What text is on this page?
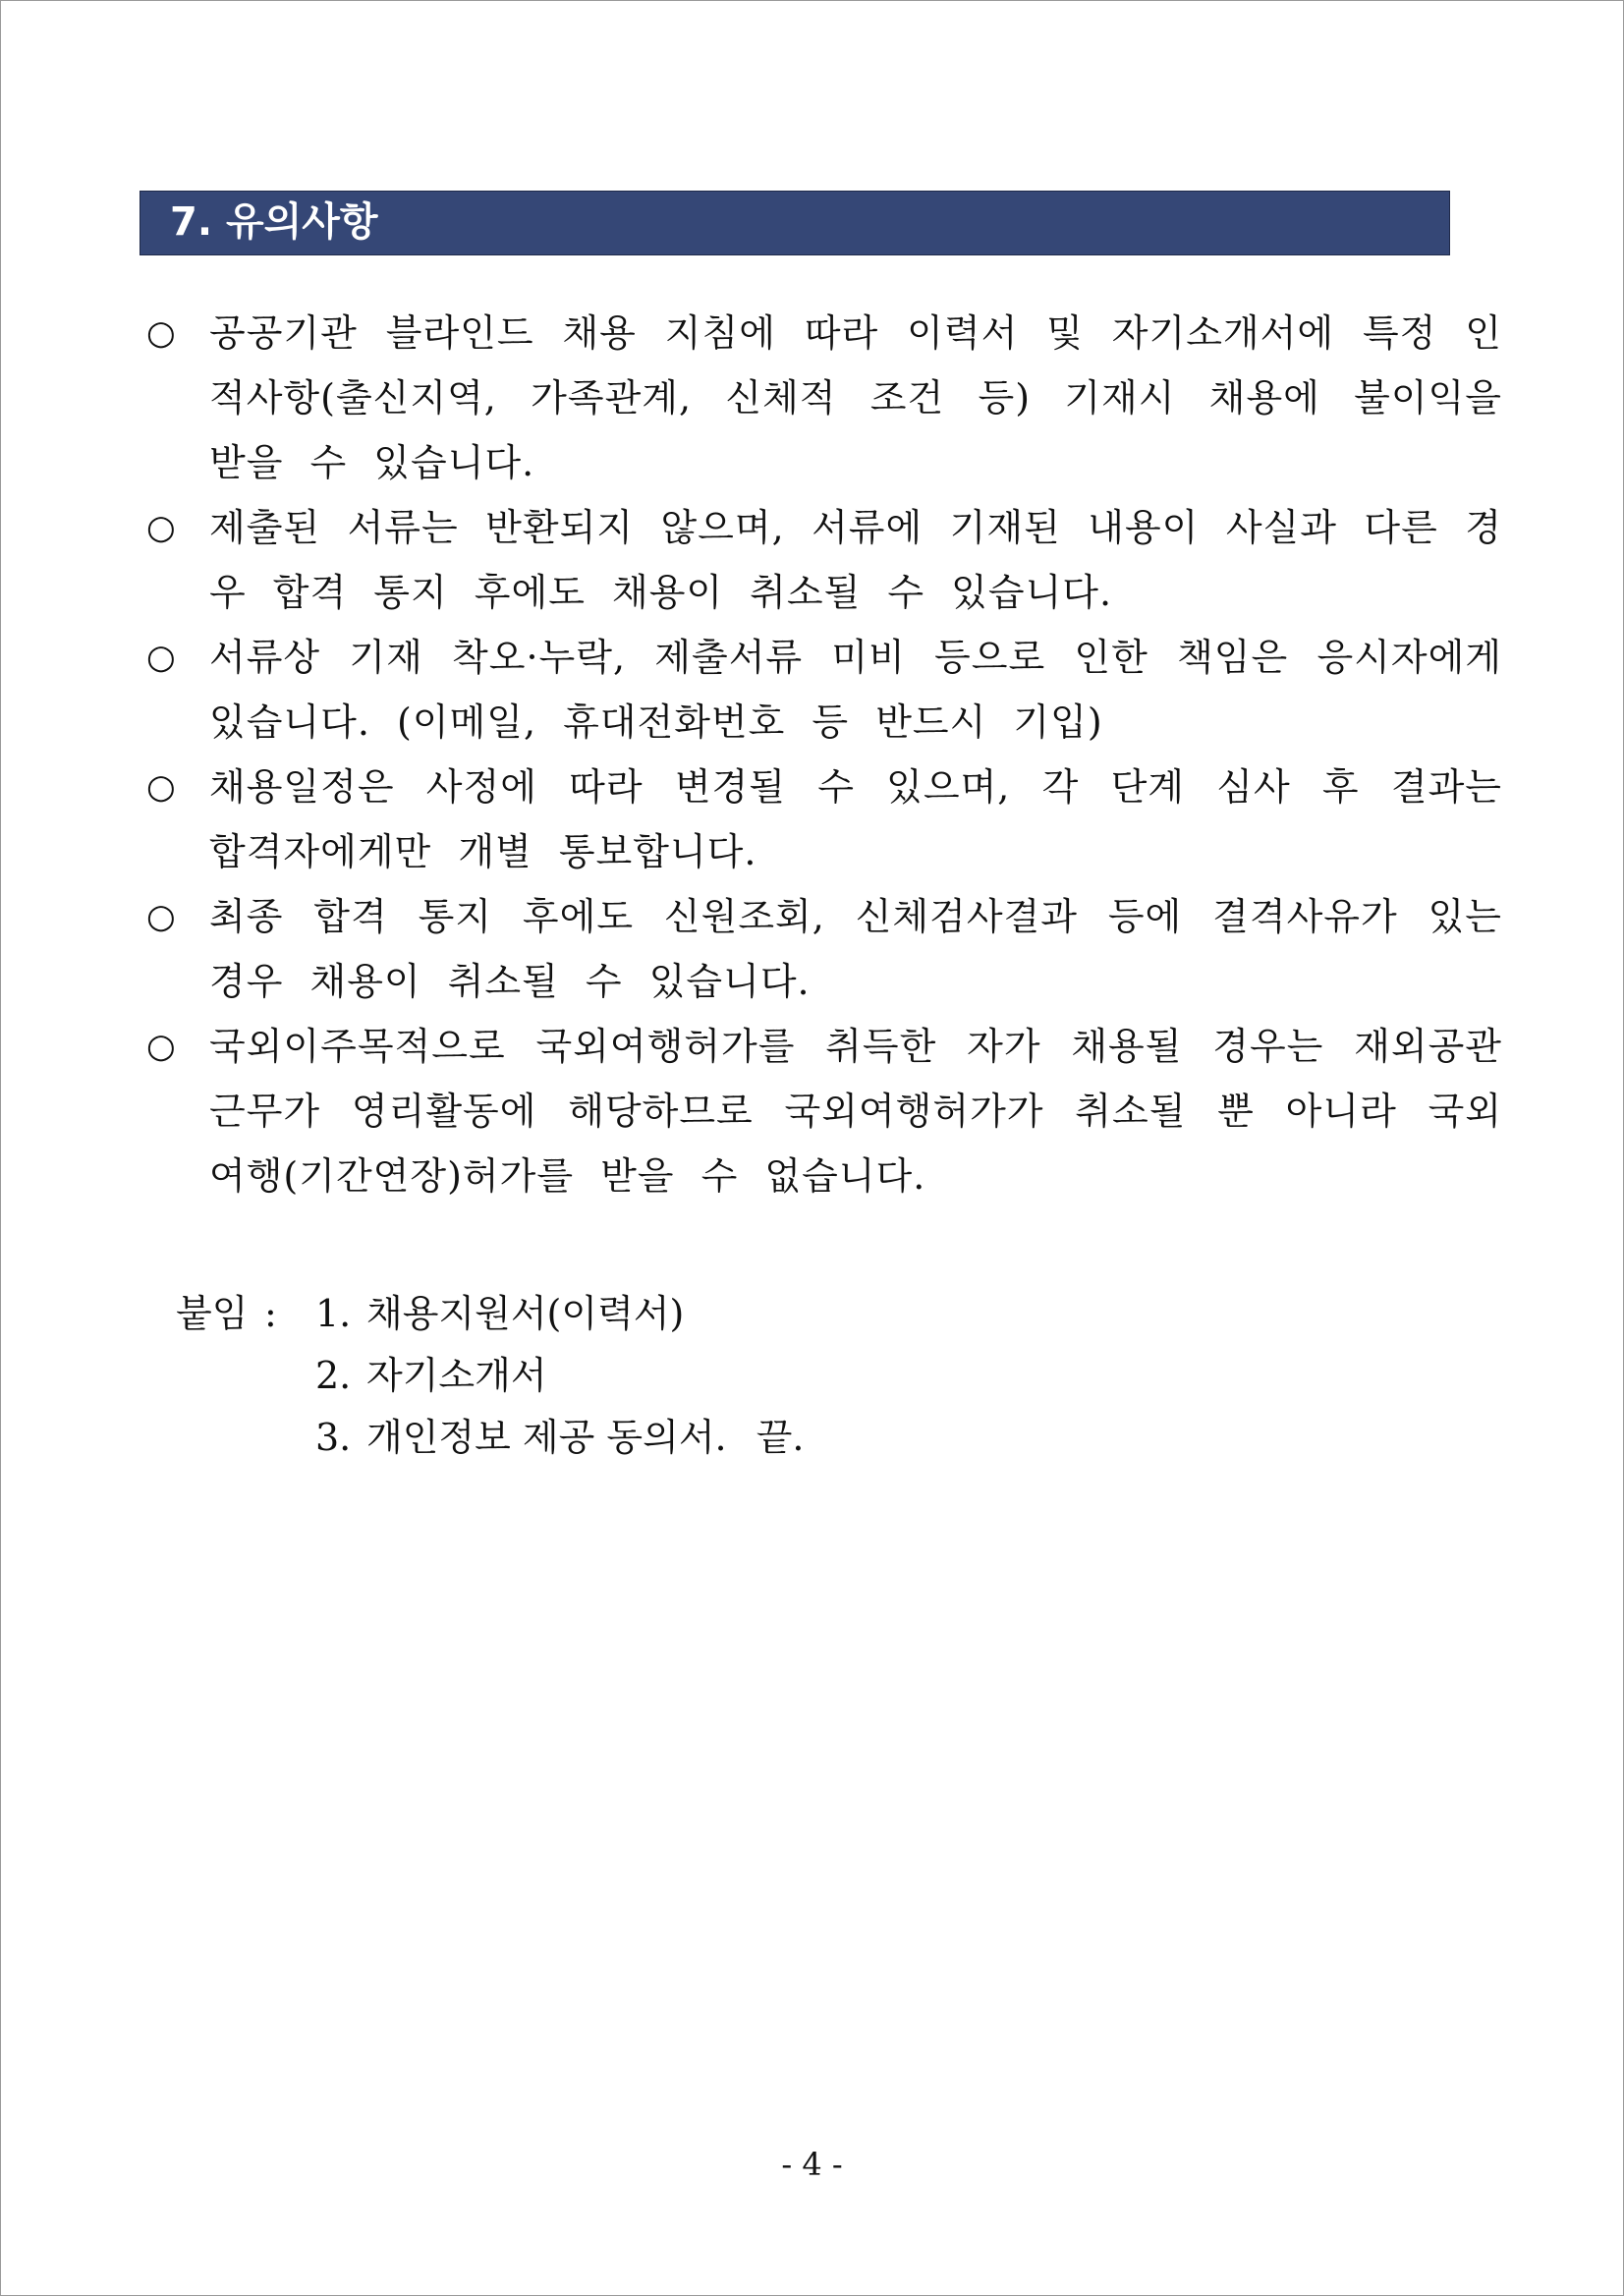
7. 유의사항
○ 공공기관 블라인드 채용 지침에 따라 이력서 및 자기소개서에 특정 인적사항(출신지역, 가족관계, 신체적 조건 등) 기재시 채용에 불이익을 받을 수 있습니다.
○ 제출된 서류는 반환되지 않으며, 서류에 기재된 내용이 사실과 다른 경우 합격 통지 후에도 채용이 취소될 수 있습니다.
○ 서류상 기재 착오·누락, 제출서류 미비 등으로 인한 책임은 응시자에게 있습니다. (이메일, 휴대전화번호 등 반드시 기입)
○ 채용일정은 사정에 따라 변경될 수 있으며, 각 단계 심사 후 결과는 합격자에게만 개별 통보합니다.
○ 최종 합격 통지 후에도 신원조회, 신체검사결과 등에 결격사유가 있는 경우 채용이 취소될 수 있습니다.
○ 국외이주목적으로 국외여행허가를 취득한 자가 채용될 경우는 재외공관 근무가 영리활동에 해당하므로 국외여행허가가 취소될 뿐 아니라 국외여행(기간연장)허가를 받을 수 없습니다.
붙임 : 1. 채용지원서(이력서)
2. 자기소개서
3. 개인정보 제공 동의서. 끝.
- 4 -
